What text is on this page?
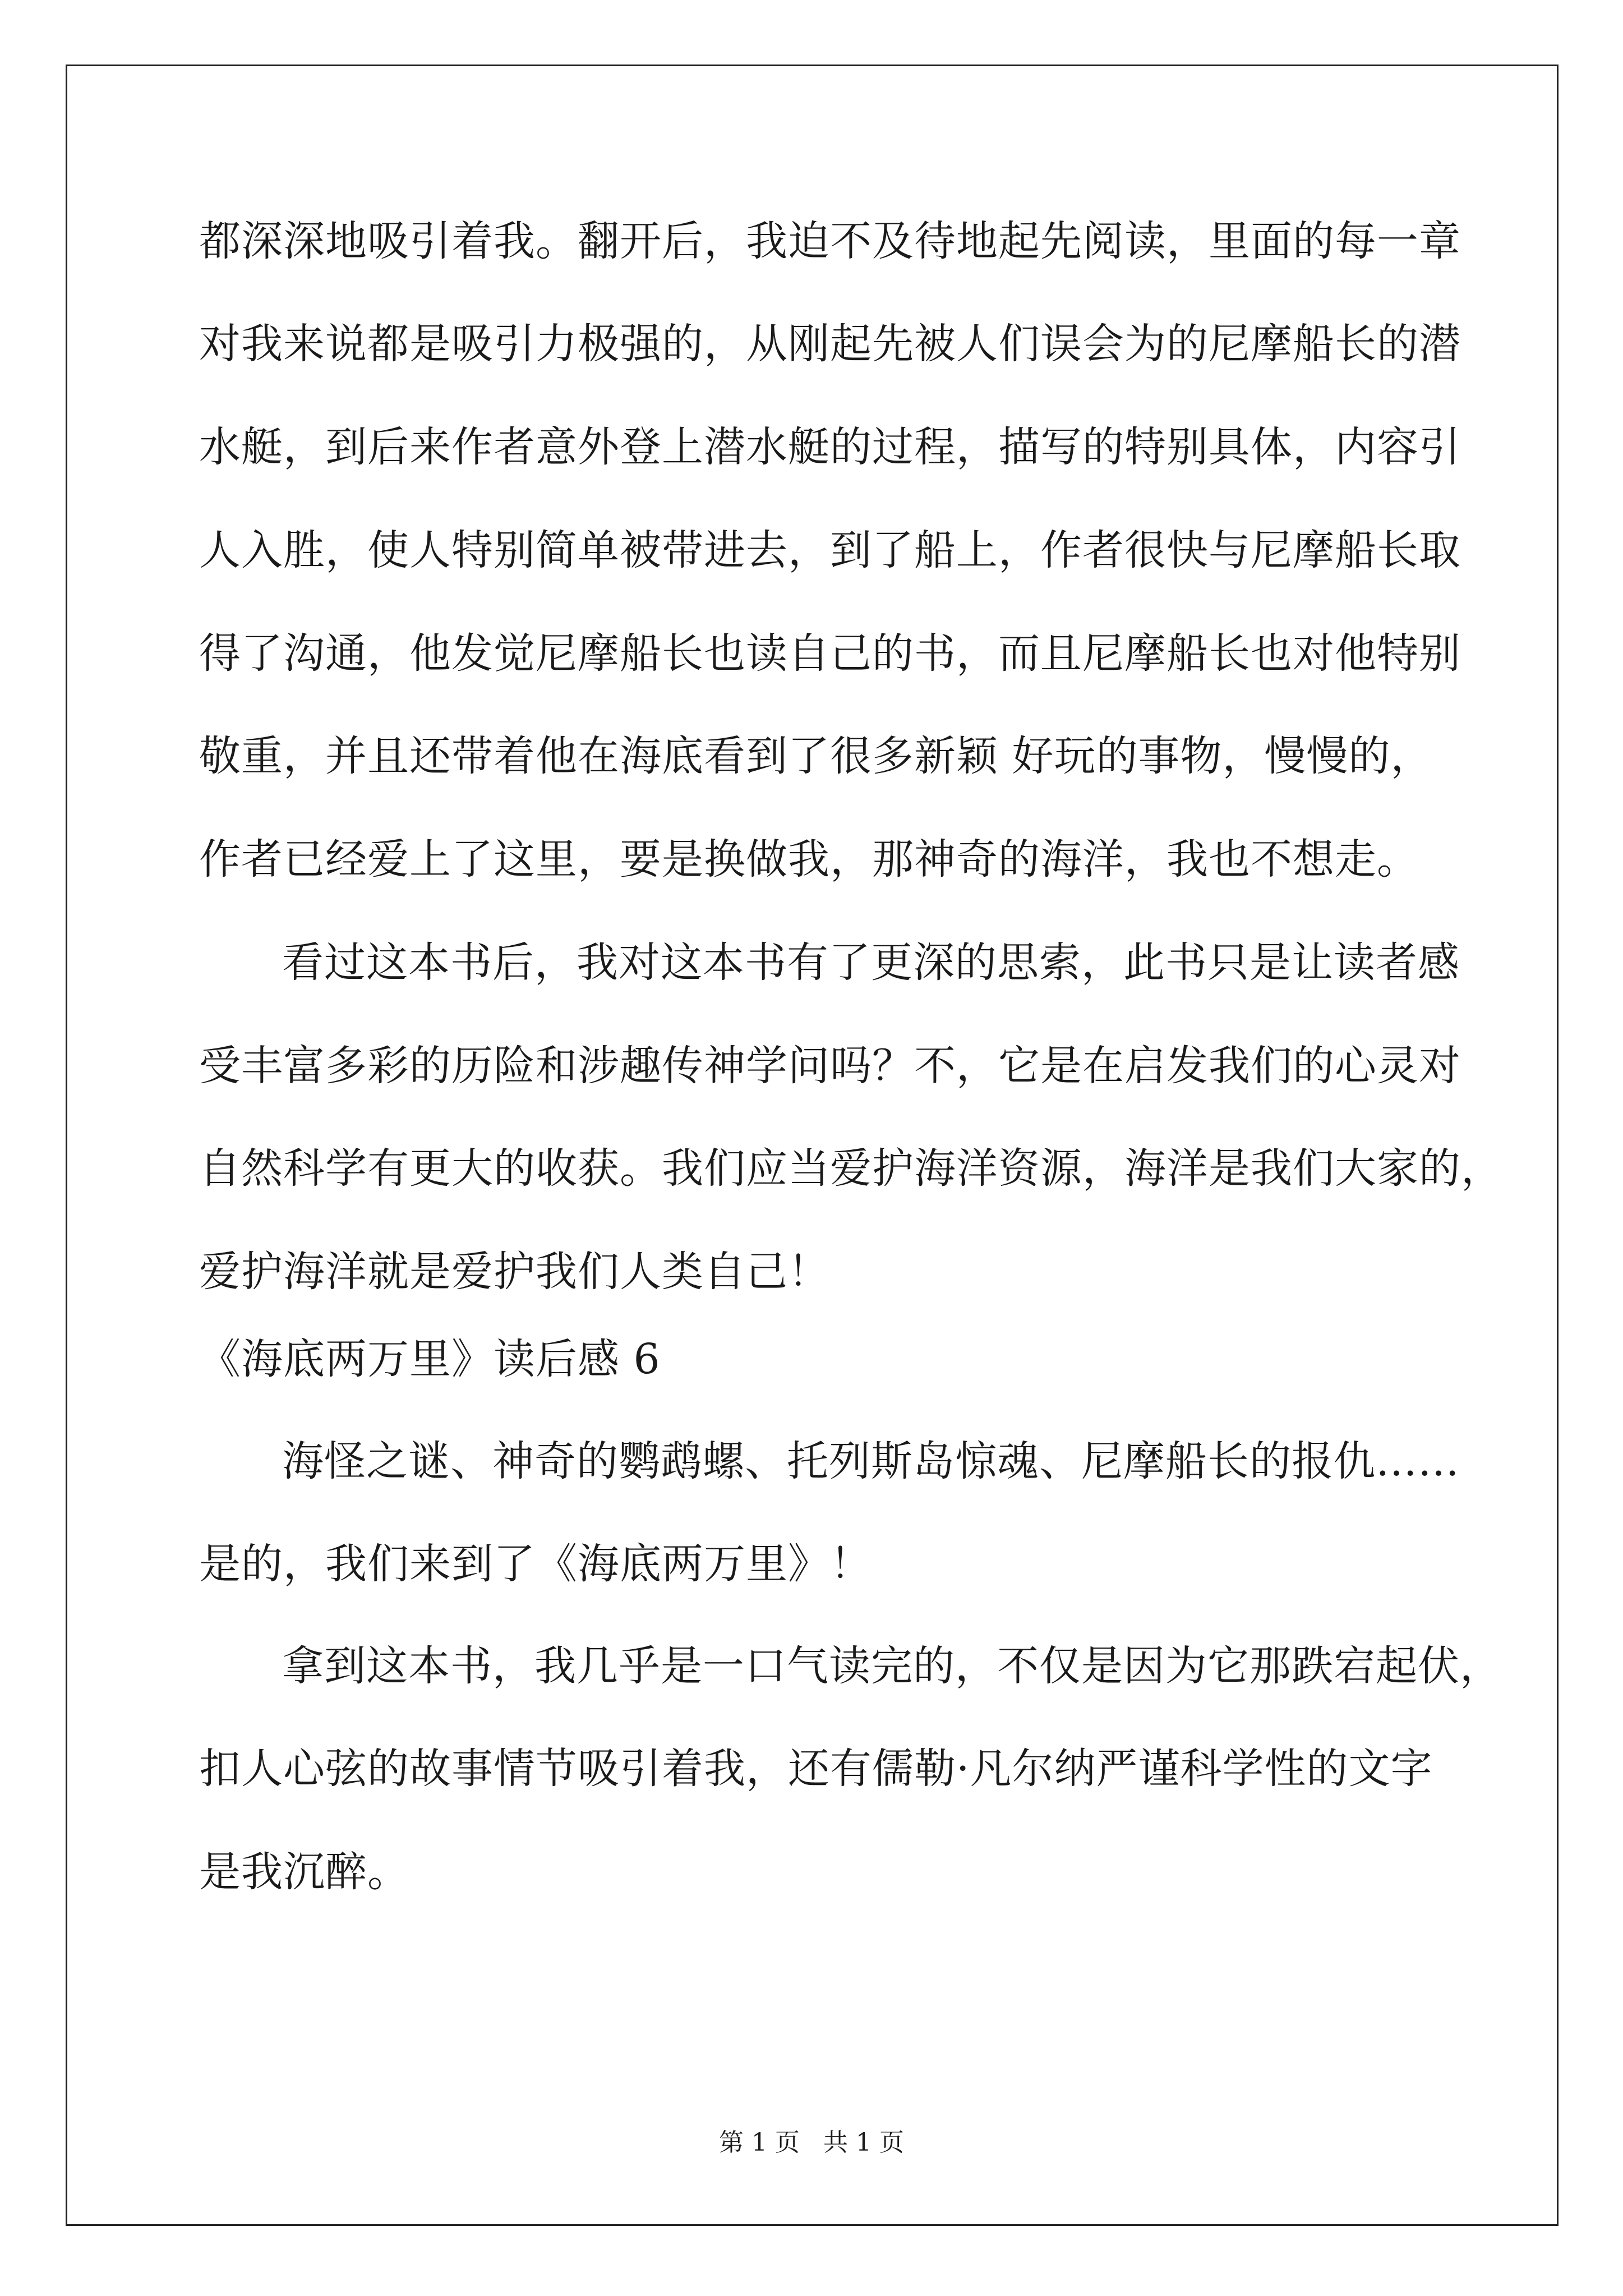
都深深地吸引着我。翻开后，我迫不及待地起先阅读，里面的每一章
对我来说都是吸引力极强的，从刚起先被人们误会为的尼摩船长的潜
水艇，到后来作者意外登上潜水艇的过程，描写的特别具体，内容引
人入胜，使人特别简单被带进去，到了船上，作者很快与尼摩船长取
得了沟通，他发觉尼摩船长也读自己的书，而且尼摩船长也对他特别
敬重，并且还带着他在海底看到了很多新颖 好玩的事物，慢慢的，
作者已经爱上了这里，要是换做我，那神奇的海洋，我也不想走。
看过这本书后，我对这本书有了更深的思索，此书只是让读者感
受丰富多彩的历险和涉趣传神学问吗？不，它是在启发我们的心灵对
自然科学有更大的收获。我们应当爱护海洋资源，海洋是我们大家的，
爱护海洋就是爱护我们人类自己！
《海底两万里》读后感 6
海怪之谜、神奇的鹦鹉螺、托列斯岛惊魂、尼摩船长的报仇……
是的，我们来到了《海底两万里》！
拿到这本书，我几乎是一口气读完的，不仅是因为它那跌宕起伏，
扣人心弦的故事情节吸引着我，还有儒勒·凡尔纳严谨科学性的文字
是我沉醉。
第 1 页   共 1 页
